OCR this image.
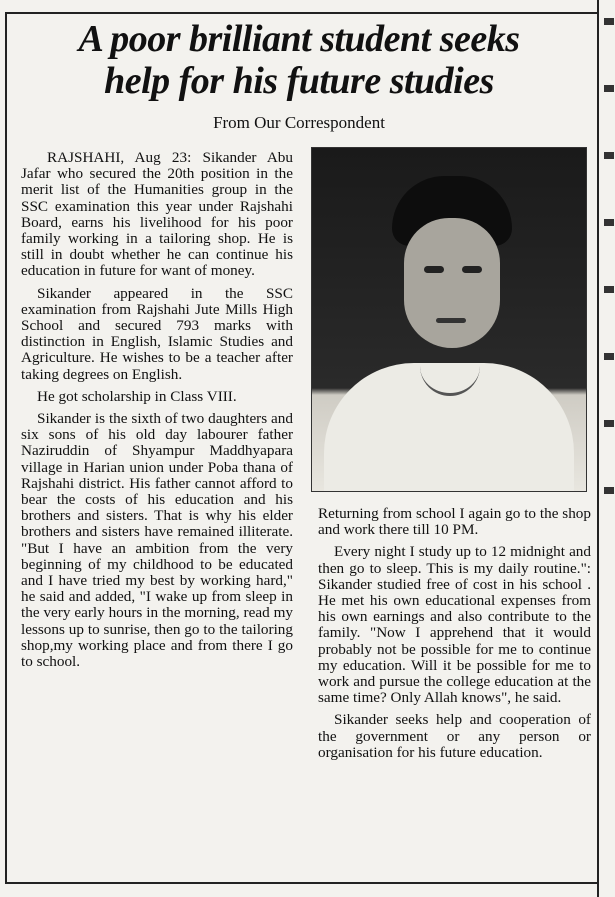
A poor brilliant student seeks
help for his future studies
From Our Correspondent

RAJSHAHI, Aug 23: Sikander Abu Jafar who secured the 20th position in the merit list of the Humanities group in the SSC examination this year under Rajshahi Board, earns his livelihood for his poor family working in a tailoring shop. He is still in doubt whether he can continue his education in future for want of money.

Sikander appeared in the SSC examination from Rajshahi Jute Mills High School and secured 793 marks with distinction in English, Islamic Studies and Agriculture. He wishes to be a teacher after taking degrees on English.

He got scholarship in Class VIII.

Sikander is the sixth of two daughters and six sons of his old day labourer father Naziruddin of Shyampur Maddhyapara village in Harian union under Poba thana of Rajshahi district. His father cannot afford to bear the costs of his education and his brothers and sisters. That is why his elder brothers and sisters have remained illiterate. "But I have an ambition from the very beginning of my childhood to be educated and I have tried my best by working hard," he said and added, "I wake up from sleep in the very early hours in the morning, read my lessons up to sunrise, then go to the tailoring shop,my working place and from there I go to school.

Returning from school I again go to the shop and work there till 10 PM.

Every night I study up to 12 midnight and then go to sleep. This is my daily routine.": Sikander studied free of cost in his school . He met his own educational expenses from his own earnings and also contribute to the family. "Now I apprehend that it would probably not be possible for me to continue my education. Will it be possible for me to work and pursue the college education at the same time? Only Allah knows", he said.

Sikander seeks help and cooperation of the government or any person or organisation for his future education.
